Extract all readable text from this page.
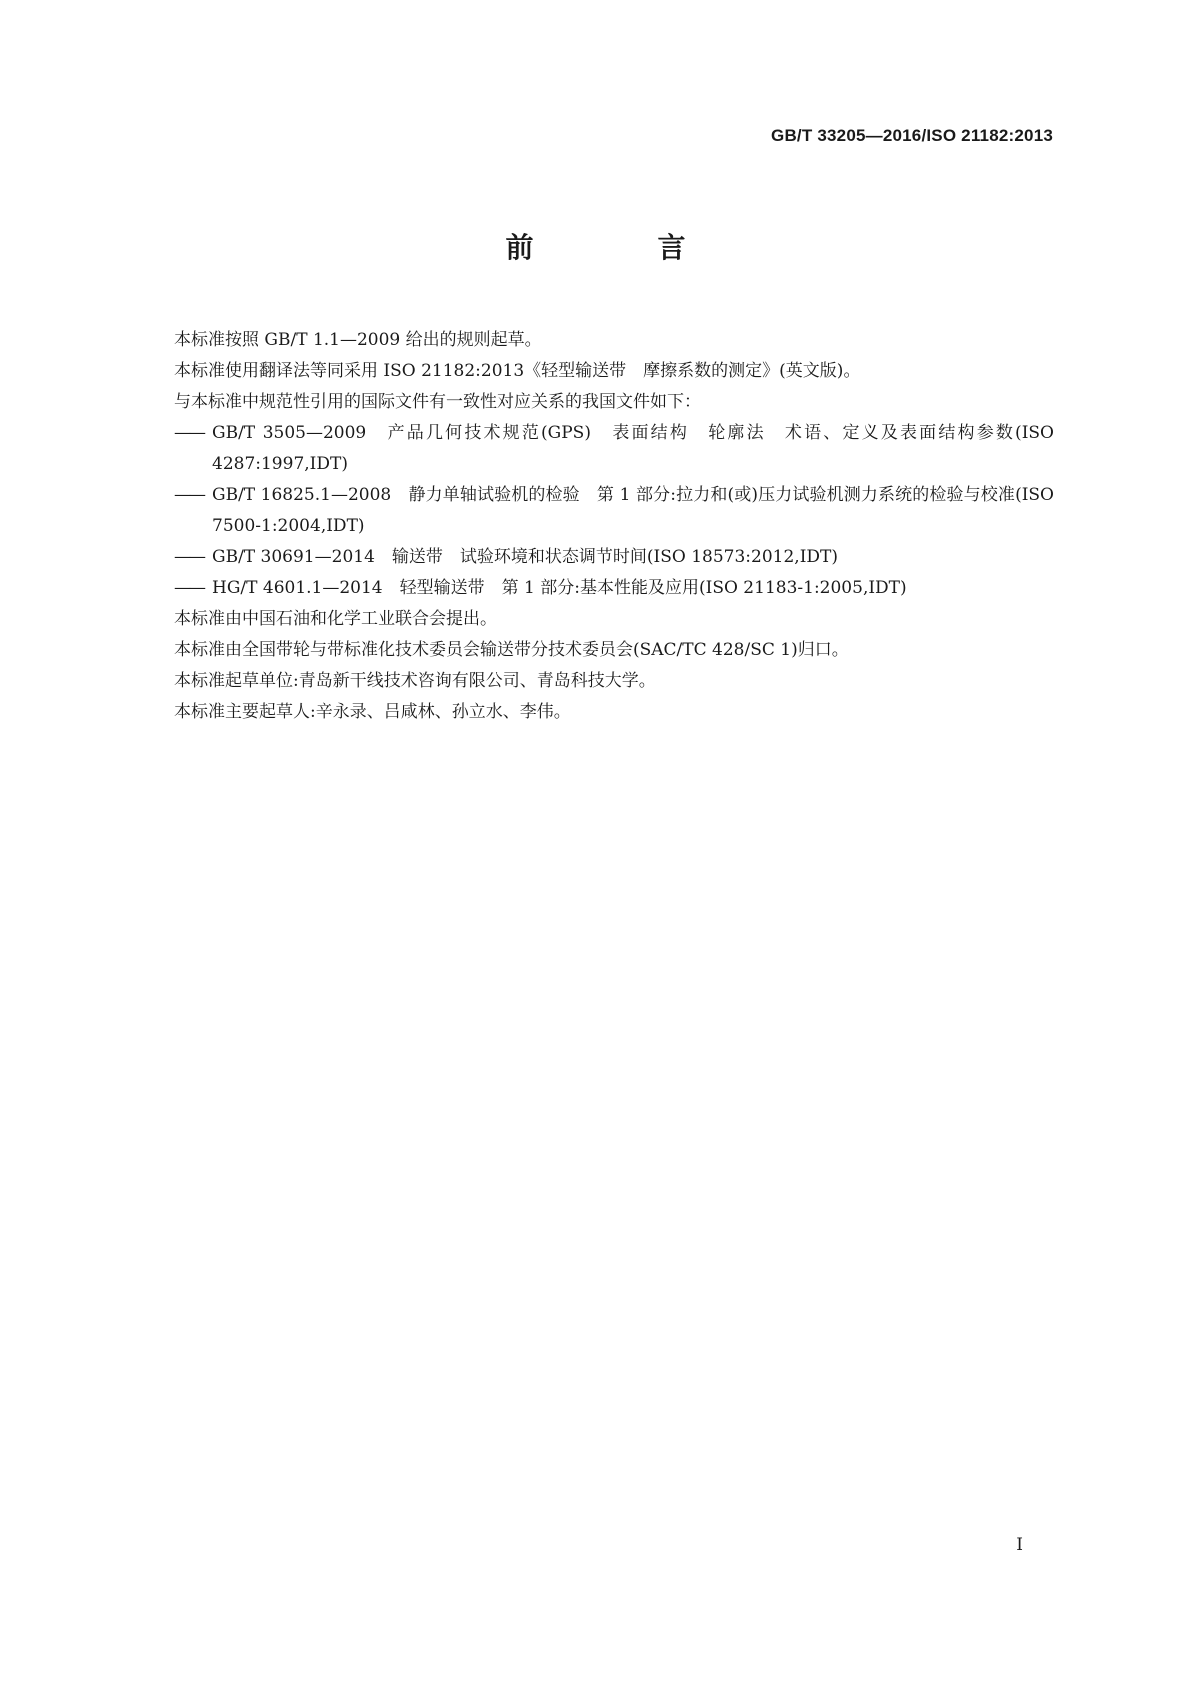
GB/T 33205—2016/ISO 21182:2013
前　言
本标准按照 GB/T 1.1—2009 给出的规则起草。
本标准使用翻译法等同采用 ISO 21182:2013《轻型输送带　摩擦系数的测定》(英文版)。
与本标准中规范性引用的国际文件有一致性对应关系的我国文件如下：
—— GB/T 3505—2009　产品几何技术规范(GPS)　表面结构　轮廓法　术语、定义及表面结构参数(ISO 4287:1997,IDT)
—— GB/T 16825.1—2008　静力单轴试验机的检验　第 1 部分:拉力和(或)压力试验机测力系统的检验与校准(ISO 7500-1:2004,IDT)
—— GB/T 30691—2014　输送带　试验环境和状态调节时间(ISO 18573:2012,IDT)
—— HG/T 4601.1—2014　轻型输送带　第 1 部分:基本性能及应用(ISO 21183-1:2005,IDT)
本标准由中国石油和化学工业联合会提出。
本标准由全国带轮与带标准化技术委员会输送带分技术委员会(SAC/TC 428/SC 1)归口。
本标准起草单位:青岛新干线技术咨询有限公司、青岛科技大学。
本标准主要起草人:辛永录、吕咸林、孙立水、李伟。
I
